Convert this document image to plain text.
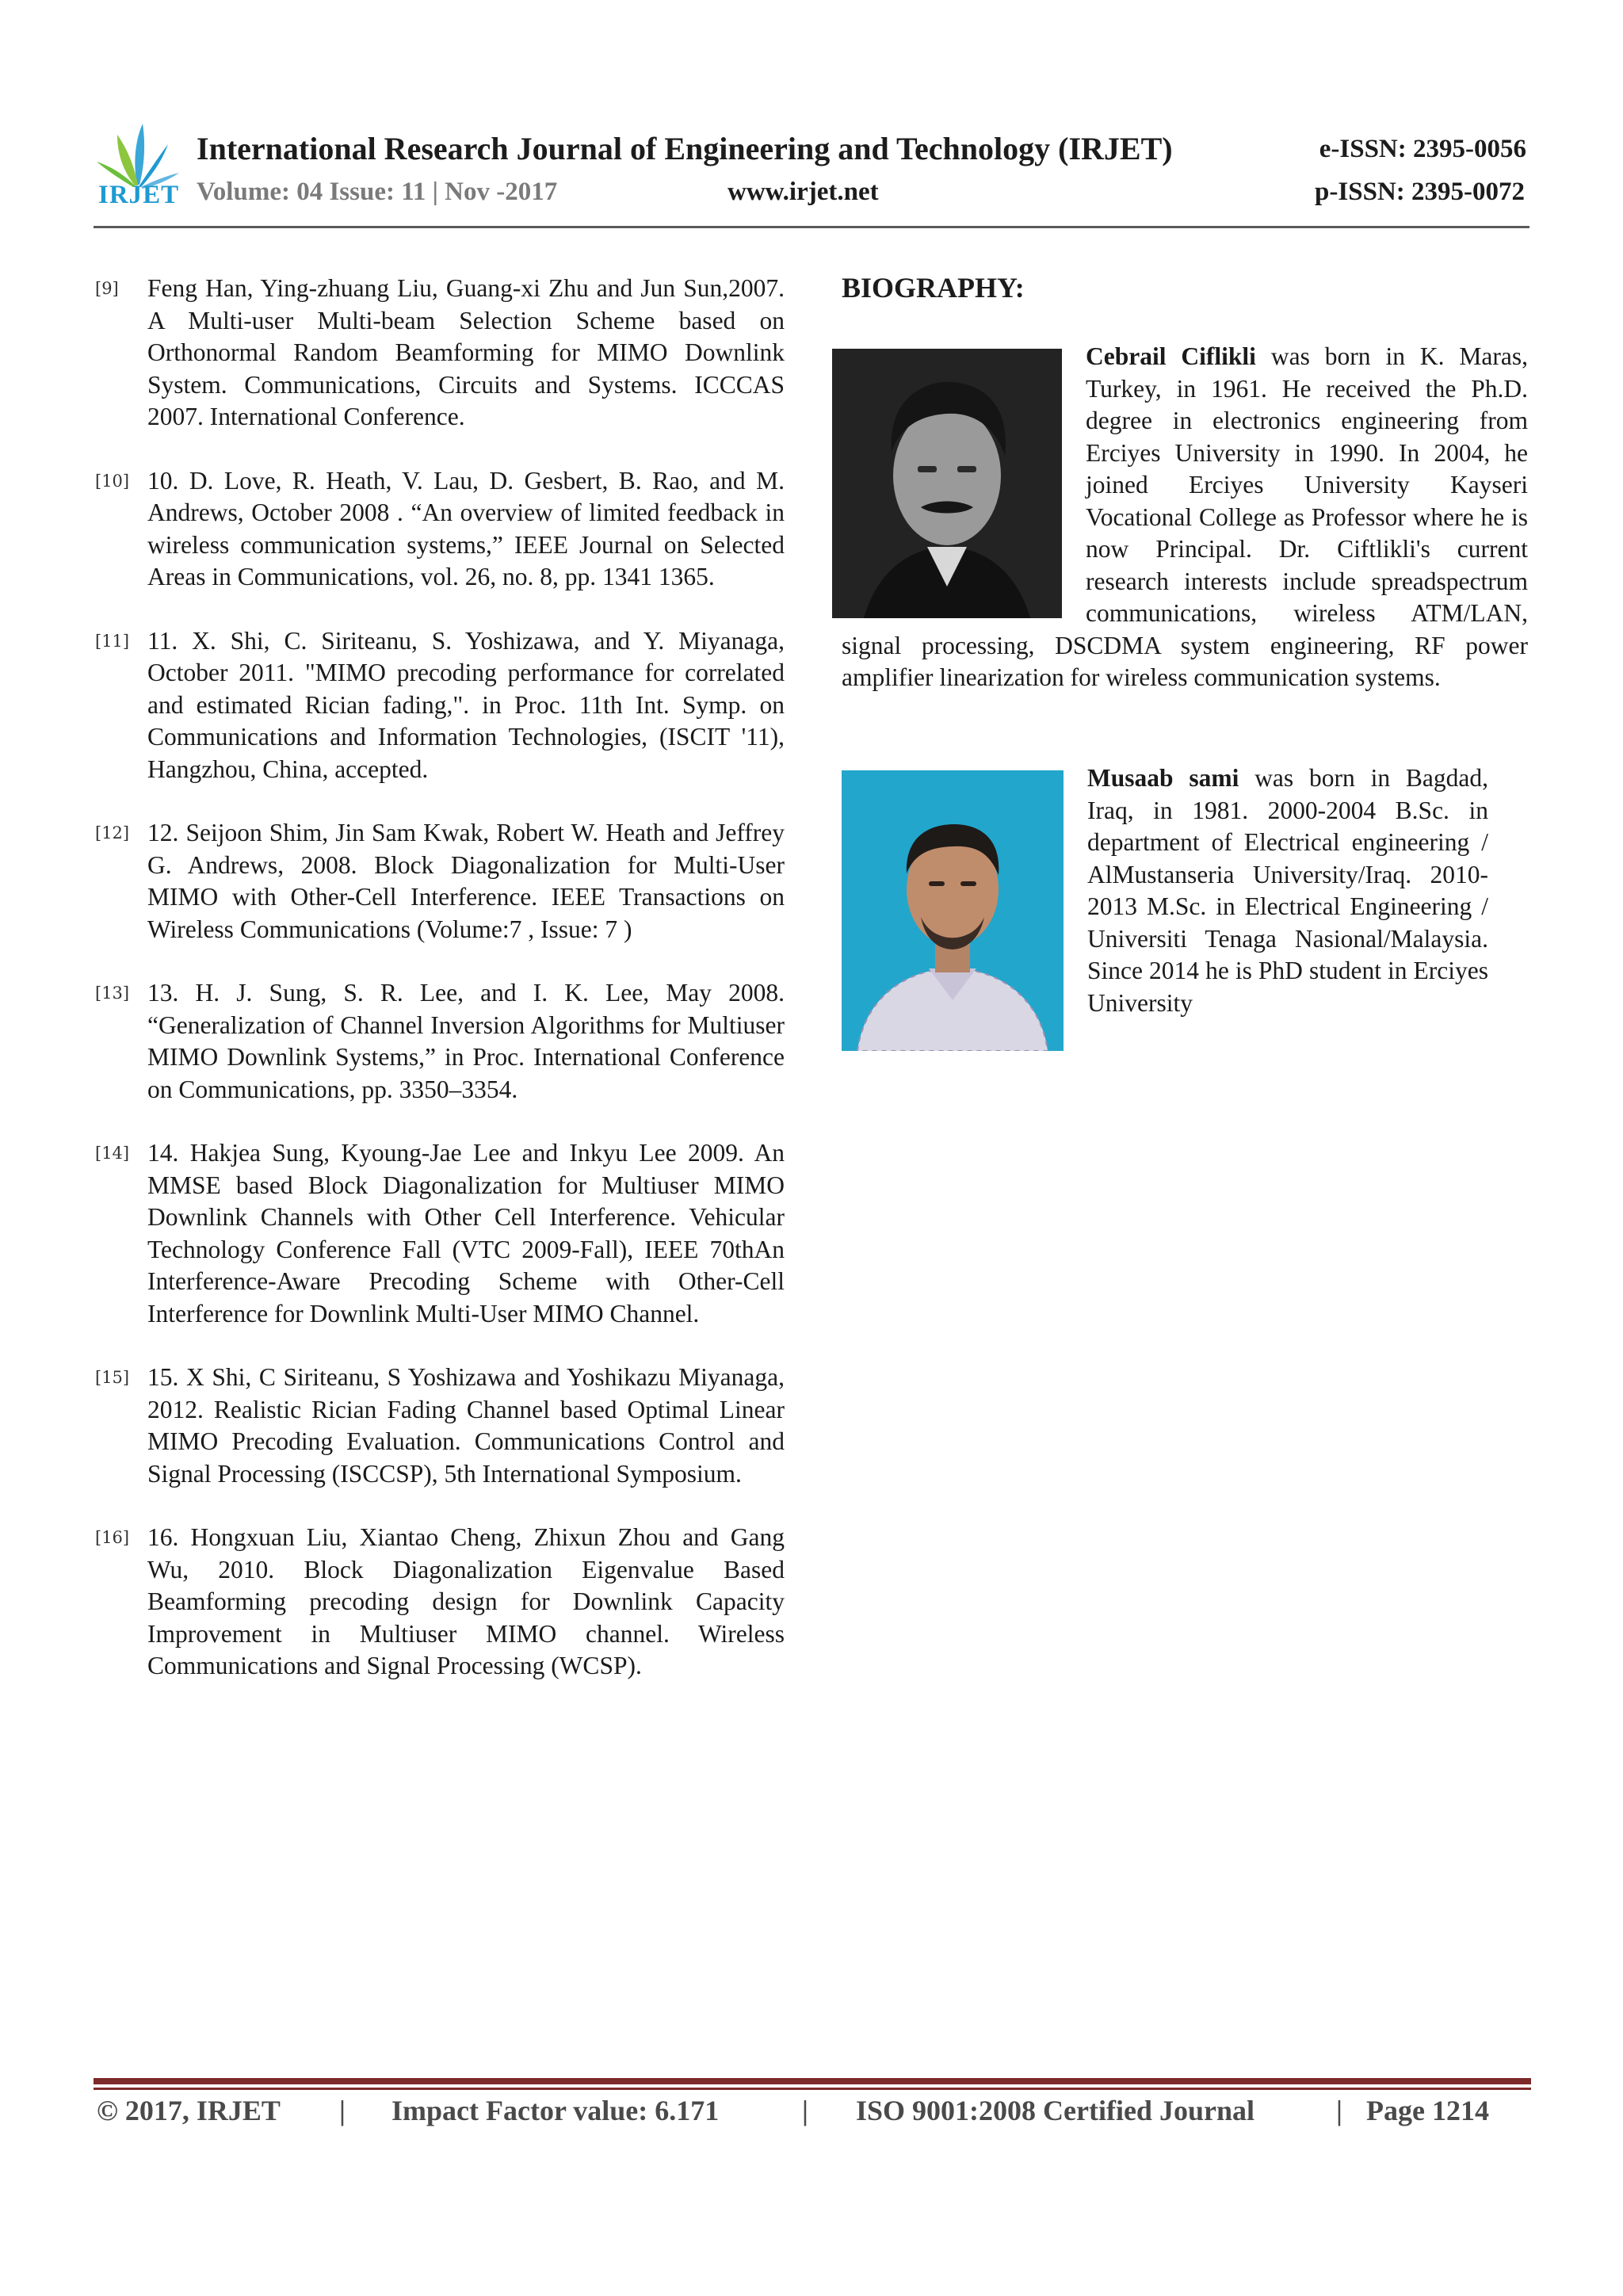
IRJET
International Research Journal of Engineering and Technology (IRJET)	e-ISSN: 2395-0056
Volume: 04 Issue: 11 | Nov -2017	www.irjet.net	p-ISSN: 2395-0072
[9] Feng Han, Ying-zhuang Liu, Guang-xi Zhu and Jun Sun,2007. A Multi-user Multi-beam Selection Scheme based on Orthonormal Random Beamforming for MIMO Downlink System. Communications, Circuits and Systems. ICCCAS 2007. International Conference.
[10] 10. D. Love, R. Heath, V. Lau, D. Gesbert, B. Rao, and M. Andrews, October 2008 . “An overview of limited feedback in wireless communication systems,” IEEE Journal on Selected Areas in Communications, vol. 26, no. 8, pp. 1341 1365.
[11] 11. X. Shi, C. Siriteanu, S. Yoshizawa, and Y. Miyanaga, October 2011. "MIMO precoding performance for correlated and estimated Rician fading,". in Proc. 11th Int. Symp. on Communications and Information Technologies, (ISCIT '11), Hangzhou, China, accepted.
[12] 12. Seijoon Shim, Jin Sam Kwak, Robert W. Heath and Jeffrey G. Andrews, 2008. Block Diagonalization for Multi-User MIMO with Other-Cell Interference. IEEE Transactions on Wireless Communications (Volume:7 , Issue: 7 )
[13] 13. H. J. Sung, S. R. Lee, and I. K. Lee, May 2008. “Generalization of Channel Inversion Algorithms for Multiuser MIMO Downlink Systems,” in Proc. International Conference on Communications, pp. 3350–3354.
[14] 14. Hakjea Sung, Kyoung-Jae Lee and Inkyu Lee 2009. An MMSE based Block Diagonalization for Multiuser MIMO Downlink Channels with Other Cell Interference. Vehicular Technology Conference Fall (VTC 2009-Fall), IEEE 70thAn Interference-Aware Precoding Scheme with Other-Cell Interference for Downlink Multi-User MIMO Channel.
[15] 15. X Shi, C Siriteanu, S Yoshizawa and Yoshikazu Miyanaga, 2012. Realistic Rician Fading Channel based Optimal Linear MIMO Precoding Evaluation. Communications Control and Signal Processing (ISCCSP), 5th International Symposium.
[16] 16. Hongxuan Liu, Xiantao Cheng, Zhixun Zhou and Gang Wu, 2010. Block Diagonalization Eigenvalue Based Beamforming precoding design for Downlink Capacity Improvement in Multiuser MIMO channel. Wireless Communications and Signal Processing (WCSP).
BIOGRAPHY:
Cebrail Ciflikli was born in K. Maras, Turkey, in 1961. He received the Ph.D. degree in electronics engineering from Erciyes University in 1990. In 2004, he joined Erciyes University Kayseri Vocational College as Professor where he is now Principal. Dr. Ciftlikli's current research interests include spreadspectrum communications, wireless ATM/LAN, signal processing, DSCDMA system engineering, RF power amplifier linearization for wireless communication systems.
Musaab sami was born in Bagdad, Iraq, in 1981. 2000-2004 B.Sc. in department of Electrical engineering / AlMustanseria University/Iraq. 2010-2013 M.Sc. in Electrical Engineering / Universiti Tenaga Nasional/Malaysia. Since 2014 he is PhD student in Erciyes University
© 2017, IRJET | Impact Factor value: 6.171	| ISO 9001:2008 Certified Journal	| Page 1214
